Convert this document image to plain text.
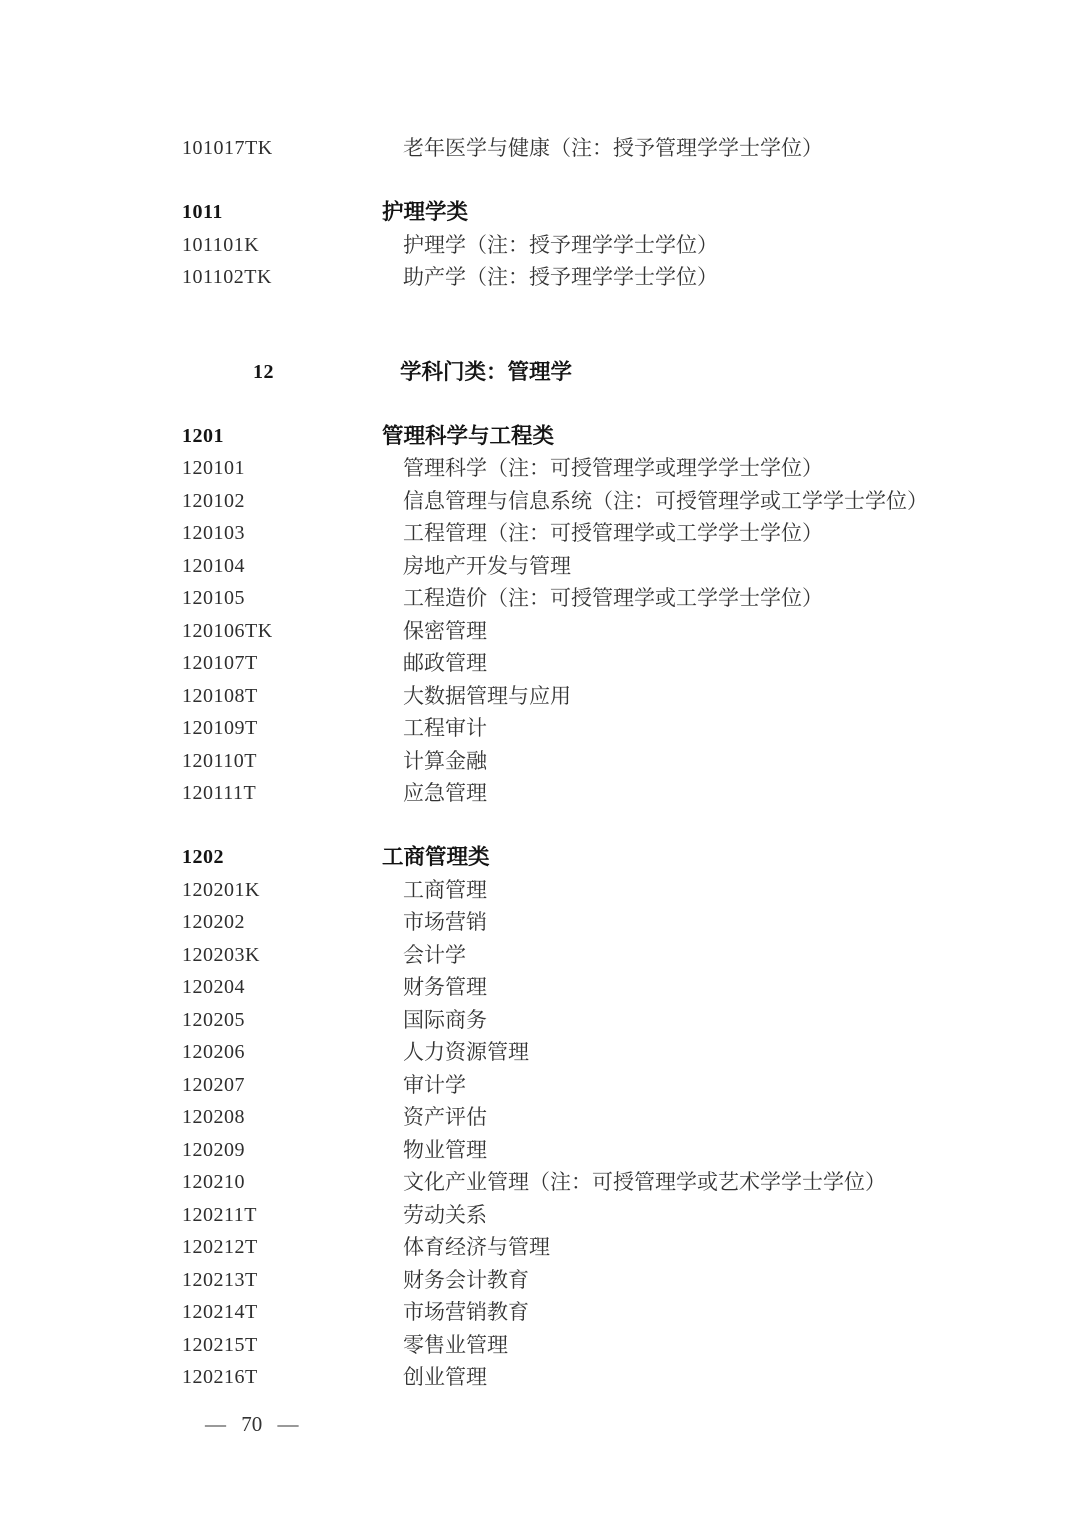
101017TK	老年医学与健康（注：授予管理学学士学位）
1011	护理学类
101101K	护理学（注：授予理学学士学位）
101102TK	助产学（注：授予理学学士学位）
12	学科门类：管理学
1201	管理科学与工程类
120101	管理科学（注：可授管理学或理学学士学位）
120102	信息管理与信息系统（注：可授管理学或工学学士学位）
120103	工程管理（注：可授管理学或工学学士学位）
120104	房地产开发与管理
120105	工程造价（注：可授管理学或工学学士学位）
120106TK	保密管理
120107T	邮政管理
120108T	大数据管理与应用
120109T	工程审计
120110T	计算金融
120111T	应急管理
1202	工商管理类
120201K	工商管理
120202	市场营销
120203K	会计学
120204	财务管理
120205	国际商务
120206	人力资源管理
120207	审计学
120208	资产评估
120209	物业管理
120210	文化产业管理（注：可授管理学或艺术学学士学位）
120211T	劳动关系
120212T	体育经济与管理
120213T	财务会计教育
120214T	市场营销教育
120215T	零售业管理
120216T	创业管理
— 70 —
